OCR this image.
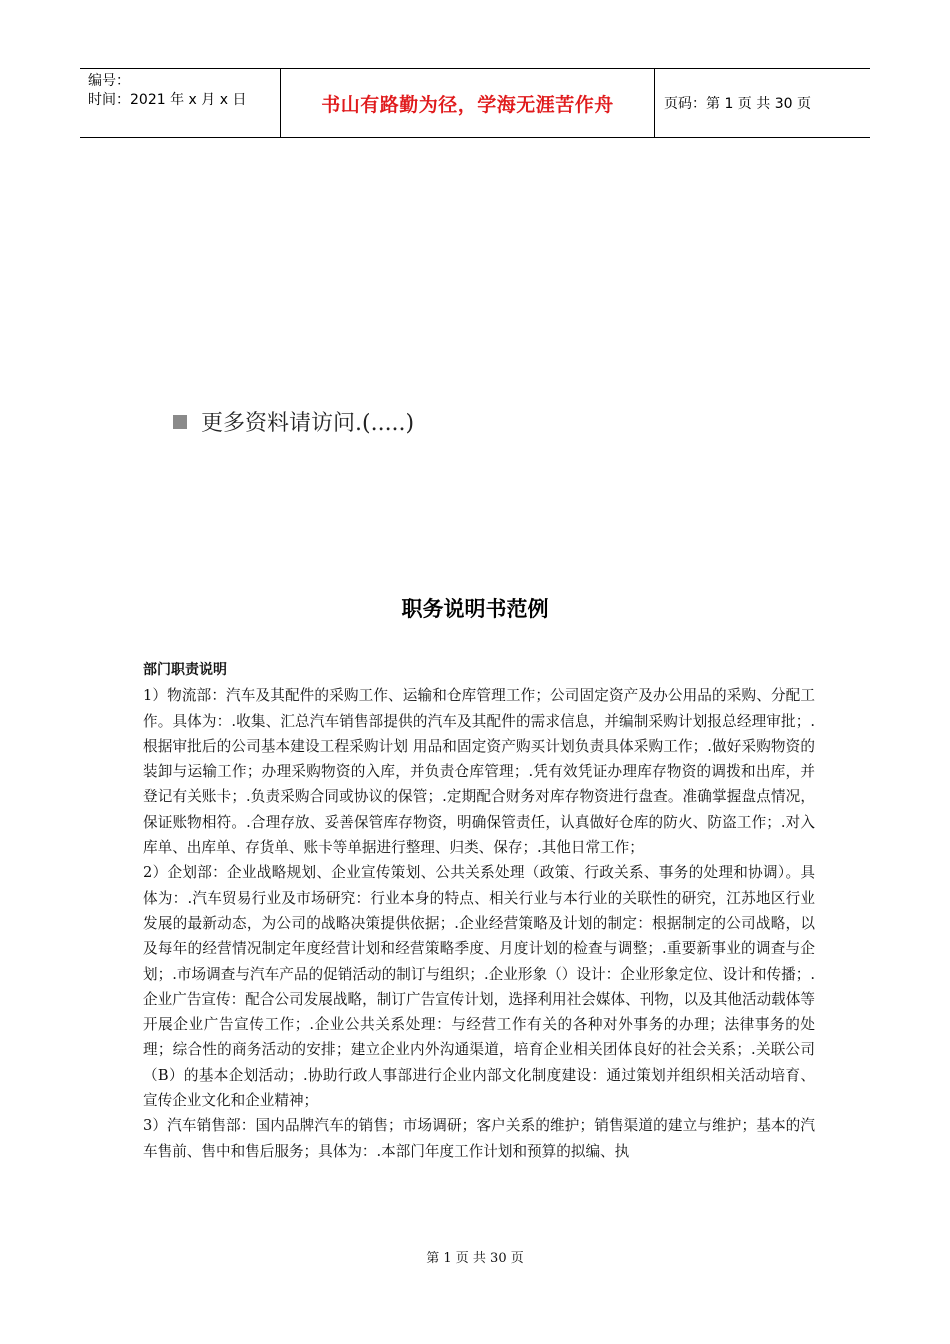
编号：
时间：2021 年 x 月 x 日	书山有路勤为径，学海无涯苦作舟	页码：第 1 页 共 30 页
更多资料请访问.(.....)
职务说明书范例
部门职责说明
1）物流部：汽车及其配件的采购工作、运输和仓库管理工作；公司固定资产及办公用品的采购、分配工作。具体为：.收集、汇总汽车销售部提供的汽车及其配件的需求信息，并编制采购计划报总经理审批；.根据审批后的公司基本建设工程采购计划 用品和固定资产购买计划负责具体采购工作；.做好采购物资的装卸与运输工作；办理采购物资的入库，并负责仓库管理；.凭有效凭证办理库存物资的调拨和出库，并登记有关账卡；.负责采购合同或协议的保管；.定期配合财务对库存物资进行盘查。准确掌握盘点情况，保证账物相符。.合理存放、妥善保管库存物资，明确保管责任，认真做好仓库的防火、防盗工作；.对入库单、出库单、存货单、账卡等单据进行整理、归类、保存；.其他日常工作；
2）企划部：企业战略规划、企业宣传策划、公共关系处理（政策、行政关系、事务的处理和协调）。具体为：.汽车贸易行业及市场研究：行业本身的特点、相关行业与本行业的关联性的研究，江苏地区行业发展的最新动态，为公司的战略决策提供依据；.企业经营策略及计划的制定：根据制定的公司战略，以及每年的经营情况制定年度经营计划和经营策略季度、月度计划的检查与调整；.重要新事业的调查与企划；.市场调查与汽车产品的促销活动的制订与组织；.企业形象（）设计：企业形象定位、设计和传播；.企业广告宣传：配合公司发展战略，制订广告宣传计划，选择利用社会媒体、刊物，以及其他活动载体等开展企业广告宣传工作；.企业公共关系处理：与经营工作有关的各种对外事务的办理；法律事务的处理；综合性的商务活动的安排；建立企业内外沟通渠道，培育企业相关团体良好的社会关系；.关联公司（B）的基本企划活动；.协助行政人事部进行企业内部文化制度建设：通过策划并组织相关活动培育、宣传企业文化和企业精神；
3）汽车销售部：国内品牌汽车的销售；市场调研；客户关系的维护；销售渠道的建立与维护；基本的汽车售前、售中和售后服务；具体为：.本部门年度工作计划和预算的拟编、执
第 1 页 共 30 页
